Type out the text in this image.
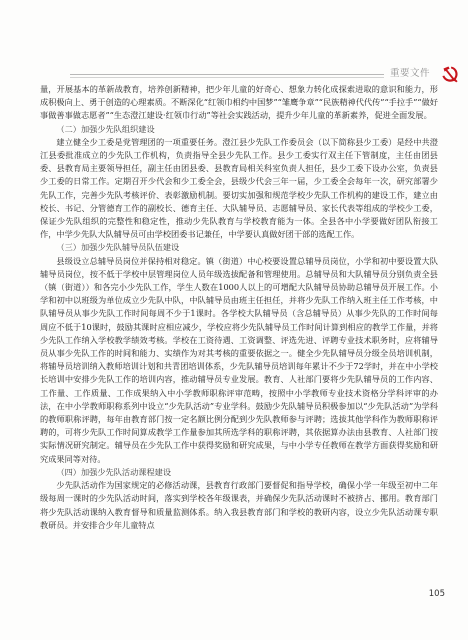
重要文件

量，开展基本的革新战教育，培养创新精神，把少年儿童的好奇心、想象力转化成探索进取的意识和能力，形成积极向上、勇于创造的心理素质。不断深化“红领巾相约中国梦”“雏鹰争章”“民族精神代代传”“手拉手”“做好事做善事做志愿者”“生态澄江建设·红领巾行动”等社会实践活动，提升少年儿童的革新素养，促进全面发展。

（二）加强少先队组织建设

建立健全少工委是党管理团的一项重要任务。澄江县少先队工作委员会（以下简称县少工委）是经中共澄江县委批准成立的少先队工作机构，负责指导全县少先队工作。县少工委实行双主任下管制度，主任由团县委、县教育局主要领导担任，副主任由团县委、县教育局相关科室负责人担任，县少工委下设办公室，负责县少工委的日常工作。定期召开少代会和少工委全会，县级少代会三年一届，少工委全会每年一次，研究部署少先队工作，完善少先队考核评价、表彰激励机制。要切实加强和规范学校少先队工作机构的建设工作，建立由校长、书记、分管德育工作的副校长、德育主任、大队辅导员、志愿辅导员、家长代表等组成的学校少工委，保证少先队组织的完整性和稳定性，推动少先队教育与学校教育能为一体。全县各中小学要做好团队衔接工作，中学少先队大队辅导员可由学校团委书记兼任，中学要认真做好团干部的选配工作。

（三）加强少先队辅导员队伍建设

县级设立总辅导员岗位并保持相对稳定。镇（街道）中心校要设置总辅导员岗位，小学和初中要设置大队辅导员岗位，按不低于学校中层管理岗位人员年级选拔配备和管理使用。总辅导员和大队辅导员分别负责全县（镇（街道））和各完小少先队工作，学生人数在1000人以上的可增配大队辅导员协助总辅导员开展工作。小学和初中以班级为单位成立少先队中队，中队辅导员由班主任担任，并将少先队工作纳入班主任工作考核，中队辅导员从事少先队工作时间每周不少于1课时。各学校大队辅导员（含总辅导员）从事少先队的工作时间每周应不低于10课时，鼓励其课时应相应减少，学校应将少先队辅导员工作时间计算到相应的教学工作量，并将少先队工作纳入学校教学绩效考核。学校在工资待遇、工资调整、评选先进、评聘专业技术职务时，应将辅导员从事少先队工作的时间和能力、实绩作为对其考核的重要依据之一。健全少先队辅导员分级全员培训机制，将辅导员培训纳入教师培训计划和共青团培训体系，少先队辅导员培训每年累计不少于72学时，并在中小学校长培训中安排少先队工作的培训内容，推动辅导员专业发展。教育、人社部门要将少先队辅导员的工作内容、工作量、工作质量、工作成果纳入中小学教师职称评审范畴，按照中小学教师专业技术资格分学科评审的办法，在中小学教师职称系列中设立“少先队活动”专业学科。鼓励少先队辅导员积极参加以“少先队活动”为学科的教师职称评聘，每年由教育部门按一定名额比例分配到少先队教师参与评聘；选拔其他学科作为教师职称评聘的，可将少先队工作时间算成教学工作量参加其所选学科的职称评聘，其依据算办法由县教育、人社部门按实际情况研究制定。辅导员在少先队工作中获得奖励和研究成果，与中小学专任教师在教学方面获得奖励和研究成果同等对待。

（四）加强少先队活动课程建设

少先队活动作为国家规定的必修活动课，县教育行政部门要督促和指导学校，确保小学一年级至初中二年级每周一课时的少先队活动时间，落实到学校各年级课表，并确保少先队活动课时不被挤占、挪用。教育部门将少先队活动课纳入教育督导和质量监测体系。纳入我县教育部门和学校的教研内容，设立少先队活动课专职教研员。并安排合少年儿童特点

105
